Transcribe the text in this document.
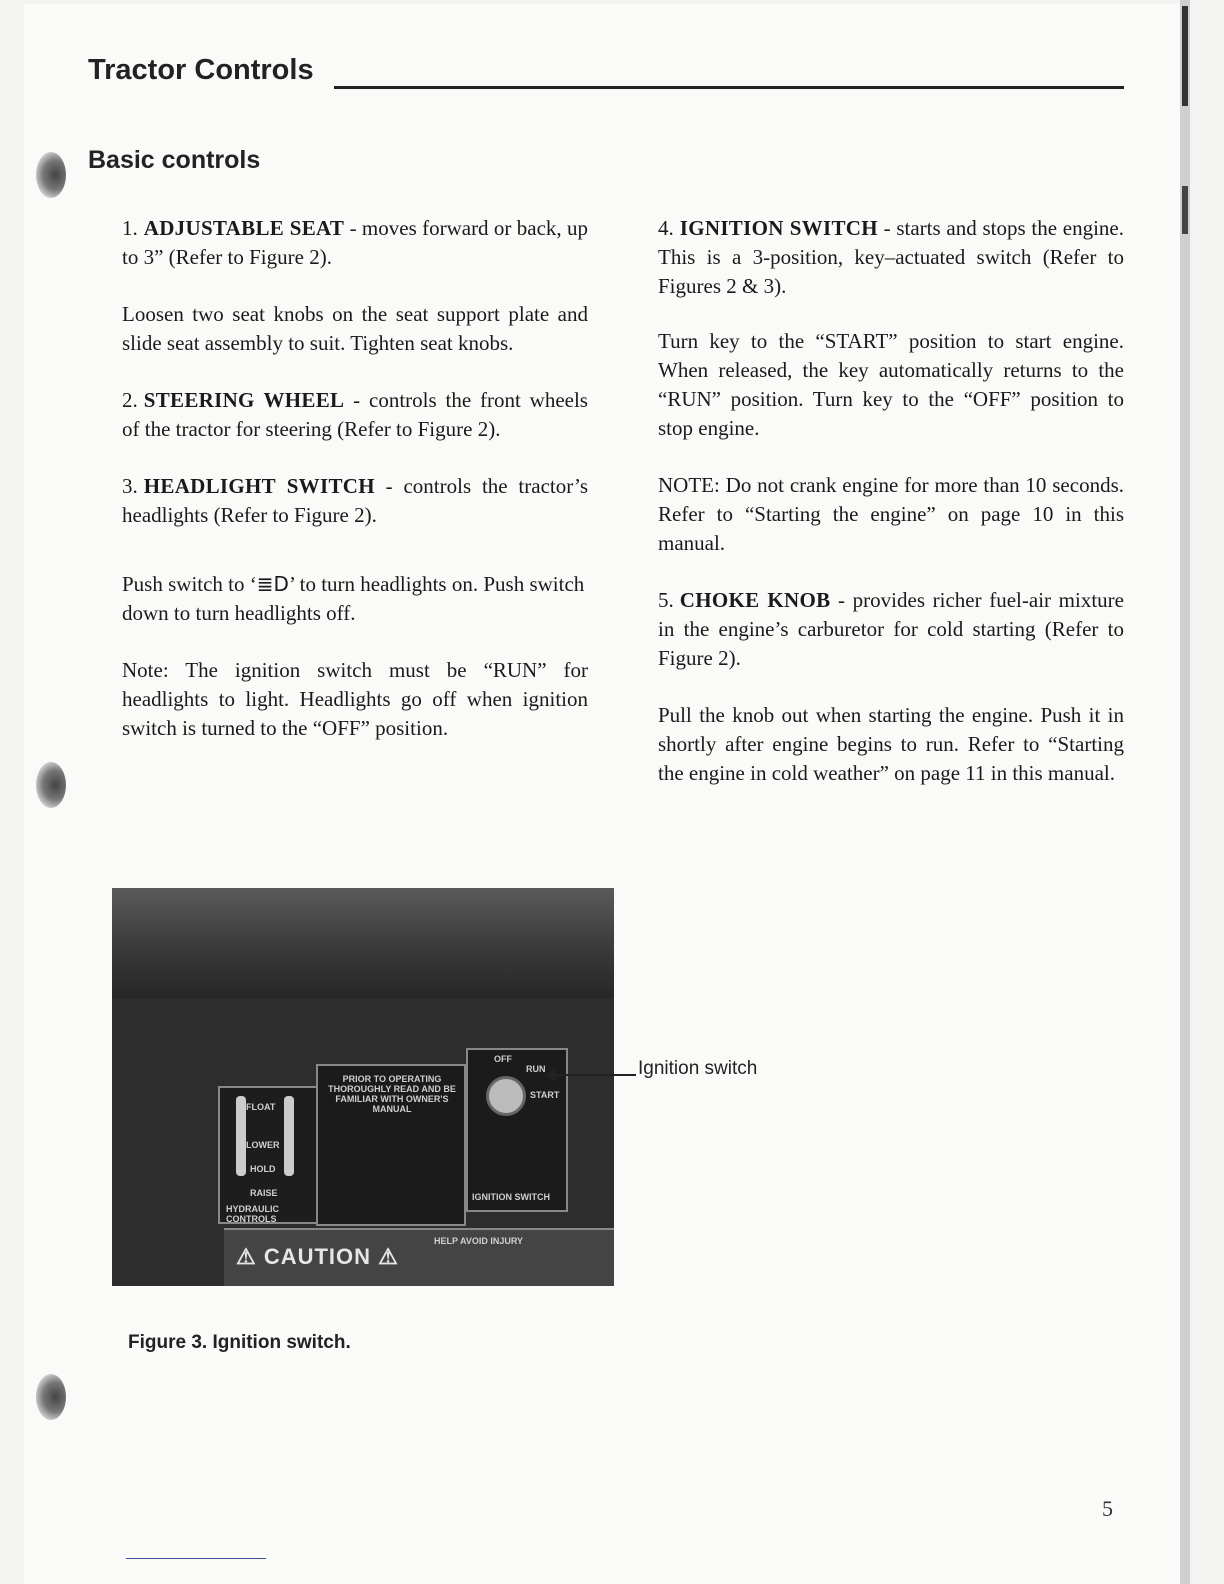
Tractor Controls
Basic controls

1. ADJUSTABLE SEAT - moves forward or back, up to 3” (Refer to Figure 2).

Loosen two seat knobs on the seat support plate and slide seat assembly to suit. Tighten seat knobs.

2. STEERING WHEEL - controls the front wheels of the tractor for steering (Refer to Figure 2).

3. HEADLIGHT SWITCH - controls the tractor’s headlights (Refer to Figure 2).

Push switch to ‘≣D’ to turn headlights on. Push switch down to turn headlights off.

Note: The ignition switch must be “RUN” for headlights to light. Headlights go off when ignition switch is turned to the “OFF” position.

4. IGNITION SWITCH - starts and stops the engine. This is a 3-position, key–actuated switch (Refer to Figures 2 & 3).

Turn key to the “START” position to start engine. When released, the key automatically returns to the “RUN” position. Turn key to the “OFF” position to stop engine.

NOTE: Do not crank engine for more than 10 seconds. Refer to “Starting the engine” on page 10 in this manual.

5. CHOKE KNOB - provides richer fuel-air mixture in the engine’s carburetor for cold starting (Refer to Figure 2).

Pull the knob out when starting the engine. Push it in shortly after engine begins to run. Refer to “Starting the engine in cold weather” on page 11 in this manual.

FLOAT
LOWER
HOLD
RAISE
HYDRAULIC CONTROLS
PRIOR TO OPERATING THOROUGHLY READ AND BE FAMILIAR WITH OWNER'S MANUAL
OFF
RUN
START
IGNITION SWITCH
⚠ CAUTION ⚠
HELP AVOID INJURY
Ignition switch
Figure 3. Ignition switch.
5
